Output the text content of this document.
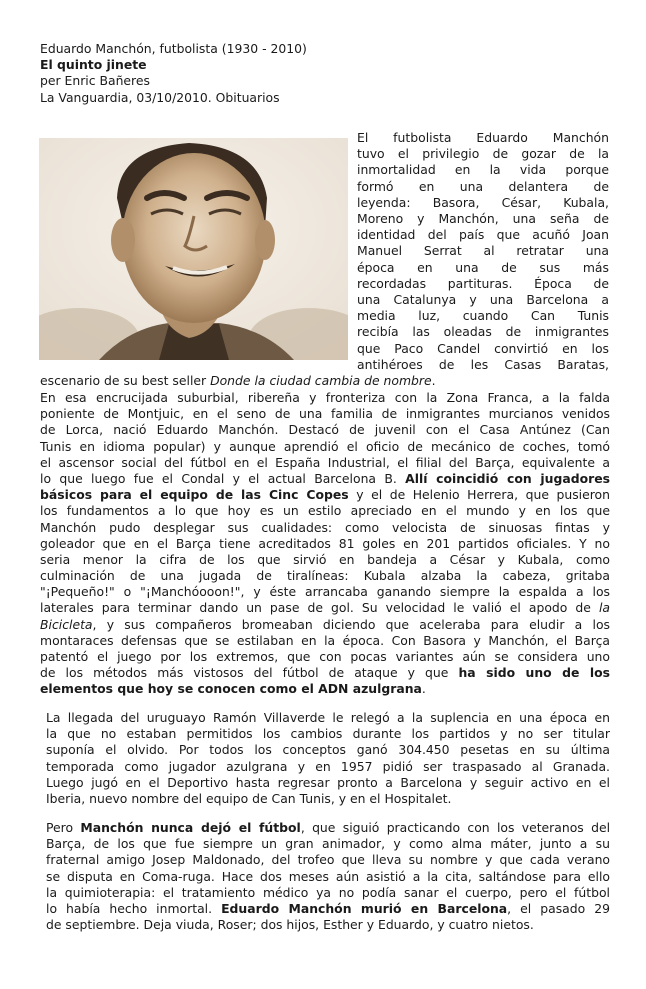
Eduardo Manchón, futbolista (1930 - 2010)
El quinto jinete
per Enric Bañeres
La Vanguardia, 03/10/2010. Obituarios
El futbolista Eduardo Manchón
tuvo el privilegio de gozar de la
inmortalidad en la vida porque
formó en una delantera de
leyenda: Basora, César, Kubala,
Moreno y Manchón, una seña de
identidad del país que acuñó Joan
Manuel Serrat al retratar una
época en una de sus más
recordadas partituras. Época de
una Catalunya y una Barcelona a
media luz, cuando Can Tunis
recibía las oleadas de inmigrantes
que Paco Candel convirtió en los
antihéroes de les Casas Baratas,
escenario de su best seller Donde la ciudad cambia de nombre.
En esa encrucijada suburbial, ribereña y fronteriza con la Zona Franca, a la falda
poniente de Montjuic, en el seno de una familia de inmigrantes murcianos venidos
de Lorca, nació Eduardo Manchón. Destacó de juvenil con el Casa Antúnez (Can
Tunis en idioma popular) y aunque aprendió el oficio de mecánico de coches, tomó
el ascensor social del fútbol en el España Industrial, el filial del Barça, equivalente a
lo que luego fue el Condal y el actual Barcelona B. Allí coincidió con jugadores
básicos para el equipo de las Cinc Copes y el de Helenio Herrera, que pusieron
los fundamentos a lo que hoy es un estilo apreciado en el mundo y en los que
Manchón pudo desplegar sus cualidades: como velocista de sinuosas fintas y
goleador que en el Barça tiene acreditados 81 goles en 201 partidos oficiales. Y no
seria menor la cifra de los que sirvió en bandeja a César y Kubala, como
culminación de una jugada de tiralíneas: Kubala alzaba la cabeza, gritaba
"¡Pequeño!" o "¡Manchóooon!", y éste arrancaba ganando siempre la espalda a los
laterales para terminar dando un pase de gol. Su velocidad le valió el apodo de la
Bicicleta, y sus compañeros bromeaban diciendo que aceleraba para eludir a los
montaraces defensas que se estilaban en la época. Con Basora y Manchón, el Barça
patentó el juego por los extremos, que con pocas variantes aún se considera uno
de los métodos más vistosos del fútbol de ataque y que ha sido uno de los
elementos que hoy se conocen como el ADN azulgrana.
La llegada del uruguayo Ramón Villaverde le relegó a la suplencia en una época en
la que no estaban permitidos los cambios durante los partidos y no ser titular
suponía el olvido. Por todos los conceptos ganó 304.450 pesetas en su última
temporada como jugador azulgrana y en 1957 pidió ser traspasado al Granada.
Luego jugó en el Deportivo hasta regresar pronto a Barcelona y seguir activo en el
Iberia, nuevo nombre del equipo de Can Tunis, y en el Hospitalet.
Pero Manchón nunca dejó el fútbol, que siguió practicando con los veteranos del
Barça, de los que fue siempre un gran animador, y como alma máter, junto a su
fraternal amigo Josep Maldonado, del trofeo que lleva su nombre y que cada verano
se disputa en Coma-ruga. Hace dos meses aún asistió a la cita, saltándose para ello
la quimioterapia: el tratamiento médico ya no podía sanar el cuerpo, pero el fútbol
lo había hecho inmortal. Eduardo Manchón murió en Barcelona, el pasado 29
de septiembre. Deja viuda, Roser; dos hijos, Esther y Eduardo, y cuatro nietos.
